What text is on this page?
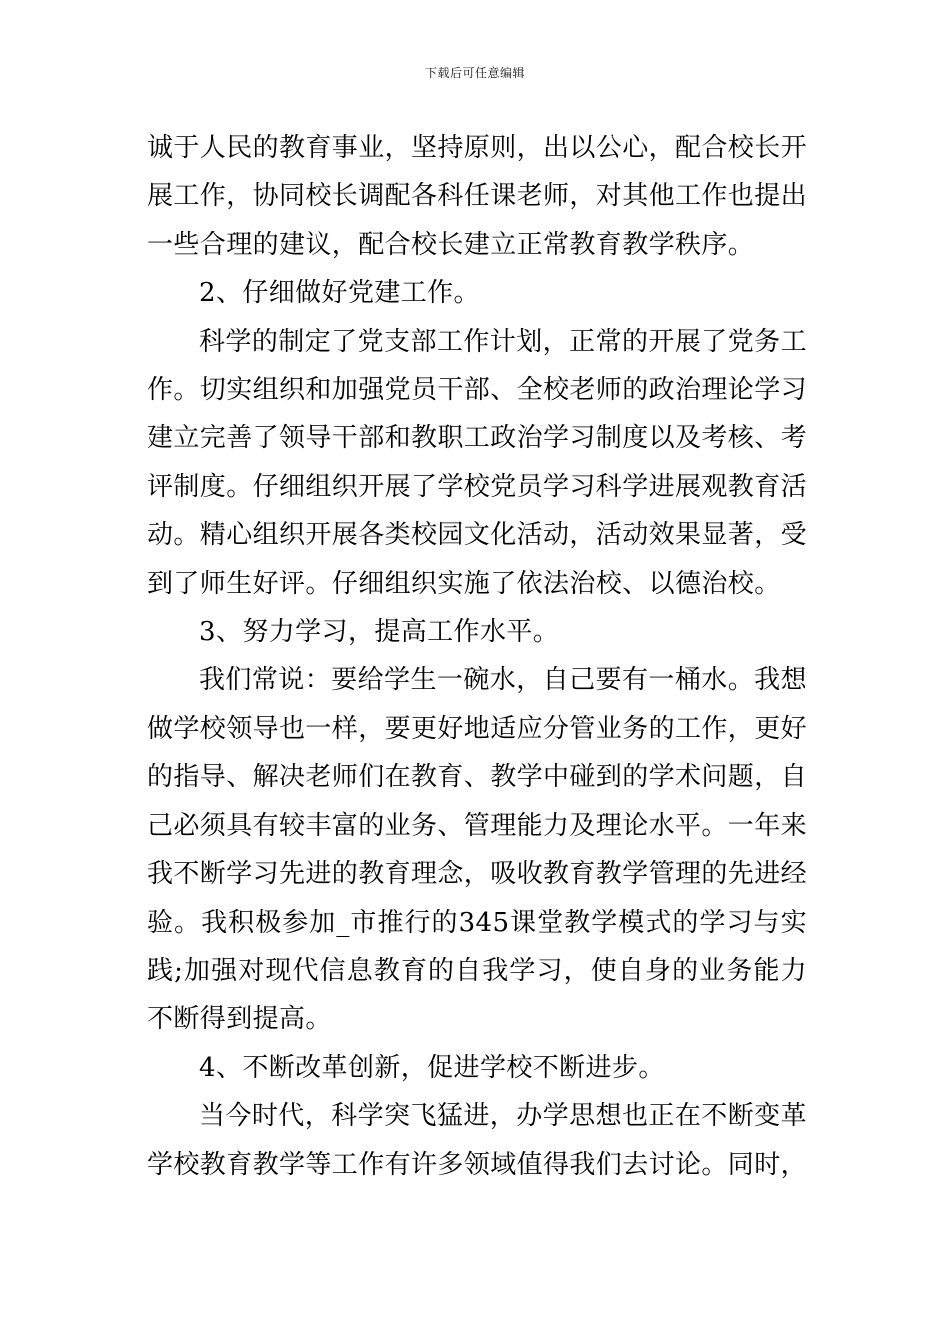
下载后可任意编辑

诚于人民的教育事业，坚持原则，出以公心，配合校长开展工作，协同校长调配各科任课老师，对其他工作也提出一些合理的建议，配合校长建立正常教育教学秩序。

2、仔细做好党建工作。

科学的制定了党支部工作计划，正常的开展了党务工作。切实组织和加强党员干部、全校老师的政治理论学习建立完善了领导干部和教职工政治学习制度以及考核、考评制度。仔细组织开展了学校党员学习科学进展观教育活动。精心组织开展各类校园文化活动，活动效果显著，受到了师生好评。仔细组织实施了依法治校、以德治校。

3、努力学习，提高工作水平。

我们常说：要给学生一碗水，自己要有一桶水。我想做学校领导也一样，要更好地适应分管业务的工作，更好的指导、解决老师们在教育、教学中碰到的学术问题，自己必须具有较丰富的业务、管理能力及理论水平。一年来我不断学习先进的教育理念，吸收教育教学管理的先进经验。我积极参加_市推行的345课堂教学模式的学习与实践;加强对现代信息教育的自我学习，使自身的业务能力不断得到提高。

4、不断改革创新，促进学校不断进步。

当今时代，科学突飞猛进，办学思想也正在不断变革学校教育教学等工作有许多领域值得我们去讨论。同时，
